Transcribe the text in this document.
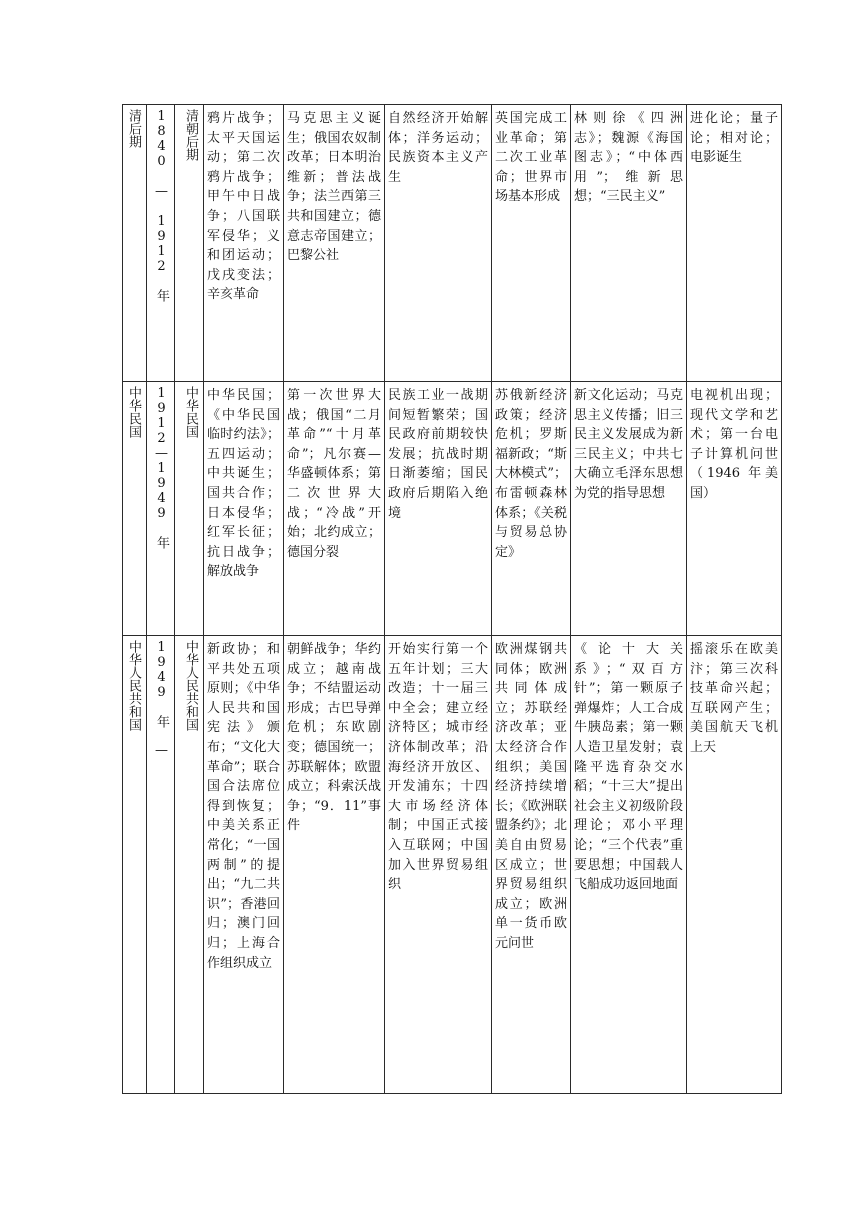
清后期	1840 — 1912 年	清朝后期	鸦片战争；太平天国运动；第二次鸦片战争；甲午中日战争；八国联军侵华；义和团运动；戊戌变法；辛亥革命	马克思主义诞生；俄国农奴制改革；日本明治维新；普法战争；法兰西第三共和国建立；德意志帝国建立；巴黎公社	自然经济开始解体；洋务运动；民族资本主义产生	英国完成工业革命；第二次工业革命；世界市场基本形成	林则徐《四洲志》；魏源《海国图志》；“中体西用”；维新思想；“三民主义”	进化论；量子论；相对论；电影诞生
中华民国	1912—1949 年	中华民国	中华民国；《中华民国临时约法》；五四运动；中共诞生；国共合作；日本侵华；红军长征；抗日战争；解放战争	第一次世界大战；俄国“二月革命”“十月革命”；凡尔赛—华盛顿体系；第二次世界大战；“冷战”开始；北约成立；德国分裂	民族工业一战期间短暂繁荣；国民政府前期较快发展；抗战时期日渐萎缩；国民政府后期陷入绝境	苏俄新经济政策；经济危机；罗斯福新政；“斯大林模式”；布雷顿森林体系；《关税与贸易总协定》	新文化运动；马克思主义传播；旧三民主义发展成为新三民主义；中共七大确立毛泽东思想为党的指导思想	电视机出现；现代文学和艺术；第一台电子计算机问世（1946 年美国）
中华人民共和国	1949 年 —	中华人民共和国	新政协；和平共处五项原则；《中华人民共和国宪法》颁布；“文化大革命”；联合国合法席位得到恢复；中美关系正常化；“一国两制”的提出；“九二共识”；香港回归；澳门回归；上海合作组织成立	朝鲜战争；华约成立；越南战争；不结盟运动形成；古巴导弹危机；东欧剧变；德国统一；苏联解体；欧盟成立；科索沃战争；“9．11”事件	开始实行第一个五年计划；三大改造；十一届三中全会；建立经济特区；城市经济体制改革；沿海经济开放区、开发浦东；十四大市场经济体制；中国正式接入互联网；中国加入世界贸易组织	欧洲煤钢共同体；欧洲共同体成立；苏联经济改革；亚太经济合作组织；美国经济持续增长；《欧洲联盟条约》；北美自由贸易区成立；世界贸易组织成立；欧洲单一货币欧元问世	《论十大关系》；“双百方针”；第一颗原子弹爆炸；人工合成牛胰岛素；第一颗人造卫星发射；袁隆平选育杂交水稻；“十三大”提出社会主义初级阶段理论；邓小平理论；“三个代表”重要思想；中国载人飞船成功返回地面	摇滚乐在欧美汴；第三次科技革命兴起；互联网产生；美国航天飞机上天
